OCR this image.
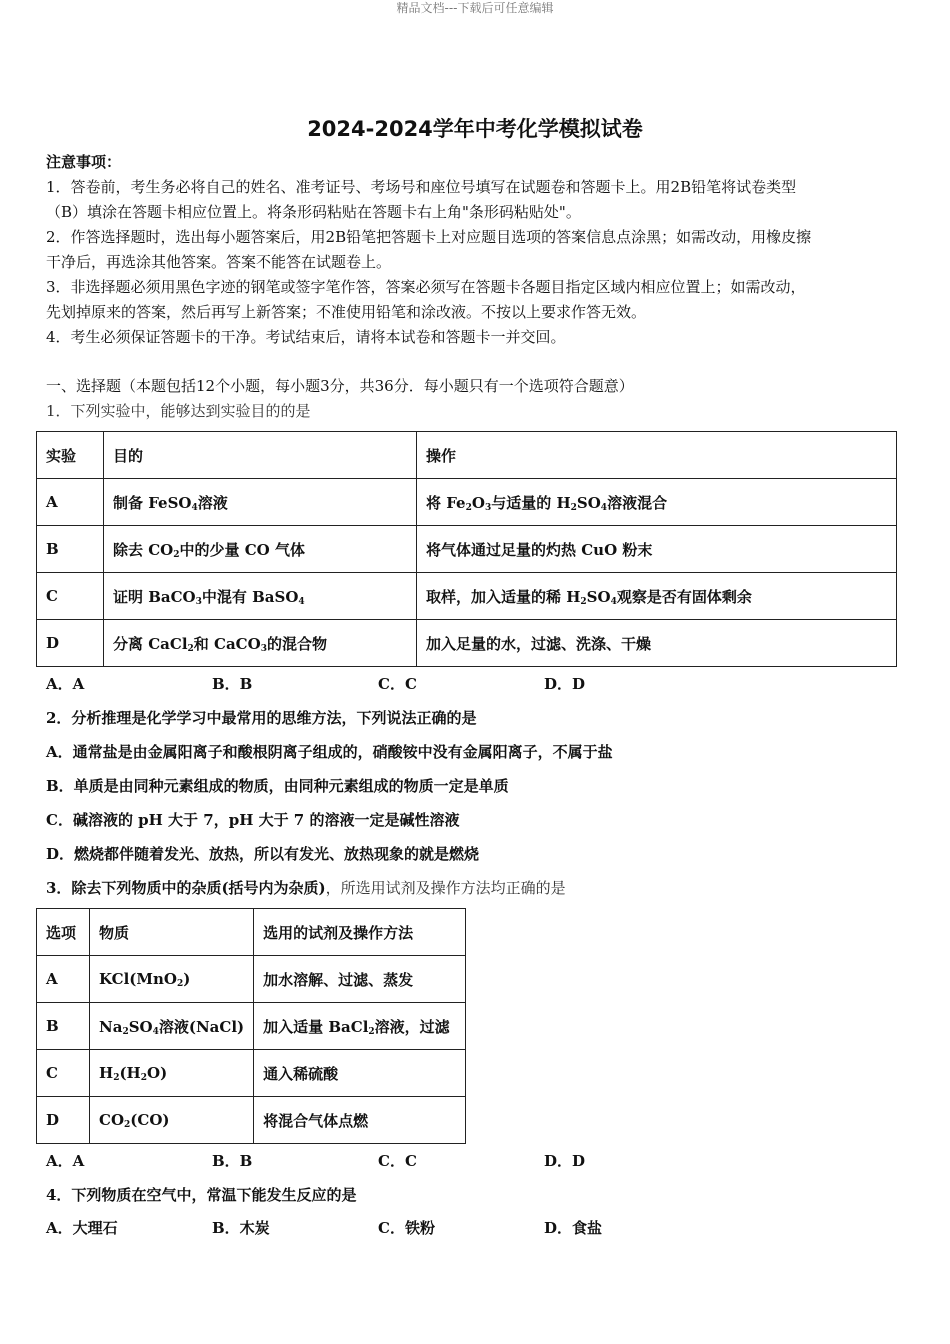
精品文档---下载后可任意编辑
2024-2024学年中考化学模拟试卷
注意事项：
1．答卷前，考生务必将自己的姓名、准考证号、考场号和座位号填写在试题卷和答题卡上。用2B铅笔将试卷类型
（B）填涂在答题卡相应位置上。将条形码粘贴在答题卡右上角"条形码粘贴处"。
2．作答选择题时，选出每小题答案后，用2B铅笔把答题卡上对应题目选项的答案信息点涂黑；如需改动，用橡皮擦
干净后，再选涂其他答案。答案不能答在试题卷上。
3．非选择题必须用黑色字迹的钢笔或签字笔作答，答案必须写在答题卡各题目指定区域内相应位置上；如需改动，
先划掉原来的答案，然后再写上新答案；不准使用铅笔和涂改液。不按以上要求作答无效。
4．考生必须保证答题卡的干净。考试结束后，请将本试卷和答题卡一并交回。
一、选择题（本题包括12个小题，每小题3分，共36分．每小题只有一个选项符合题意）
1．下列实验中，能够达到实验目的的是
实验	目的	操作
A	制备 FeSO$_4$溶液	将 $Fe_2O_3$与适量的 $H_2SO_4$溶液混合
B	除去 $CO_2$中的少量 CO 气体	将气体通过足量的灼热 CuO 粉末
C	证明 BaCO$_3$中混有 BaSO$_4$	取样，加入适量的稀 $H_2SO_4$观察是否有固体剩余
D	分离 CaCl$_2$和 CaCO$_3$的混合物	加入足量的水，过滤、洗涤、干燥
A．A	B．B	C．C	D．D
2．分析推理是化学学习中最常用的思维方法，下列说法正确的是
A．通常盐是由金属阳离子和酸根阴离子组成的，硝酸铵中没有金属阳离子，不属于盐
B．单质是由同种元素组成的物质，由同种元素组成的物质一定是单质
C．碱溶液的 pH 大于 7，pH 大于 7 的溶液一定是碱性溶液
D．燃烧都伴随着发光、放热，所以有发光、放热现象的就是燃烧
3．除去下列物质中的杂质(括号内为杂质)，所选用试剂及操作方法均正确的是
选项	物质	选用的试剂及操作方法
A	KCl(MnO$_2$)	加水溶解、过滤、蒸发
B	$Na_2SO_4$溶液(NaCl)	加入适量 BaCl$_2$溶液，过滤
C	$H_2(H_2O)$	通入稀硫酸
D	$CO_2(CO)$	将混合气体点燃
A．A	B．B	C．C	D．D
4．下列物质在空气中，常温下能发生反应的是
A．大理石	B．木炭	C．铁粉	D．食盐
